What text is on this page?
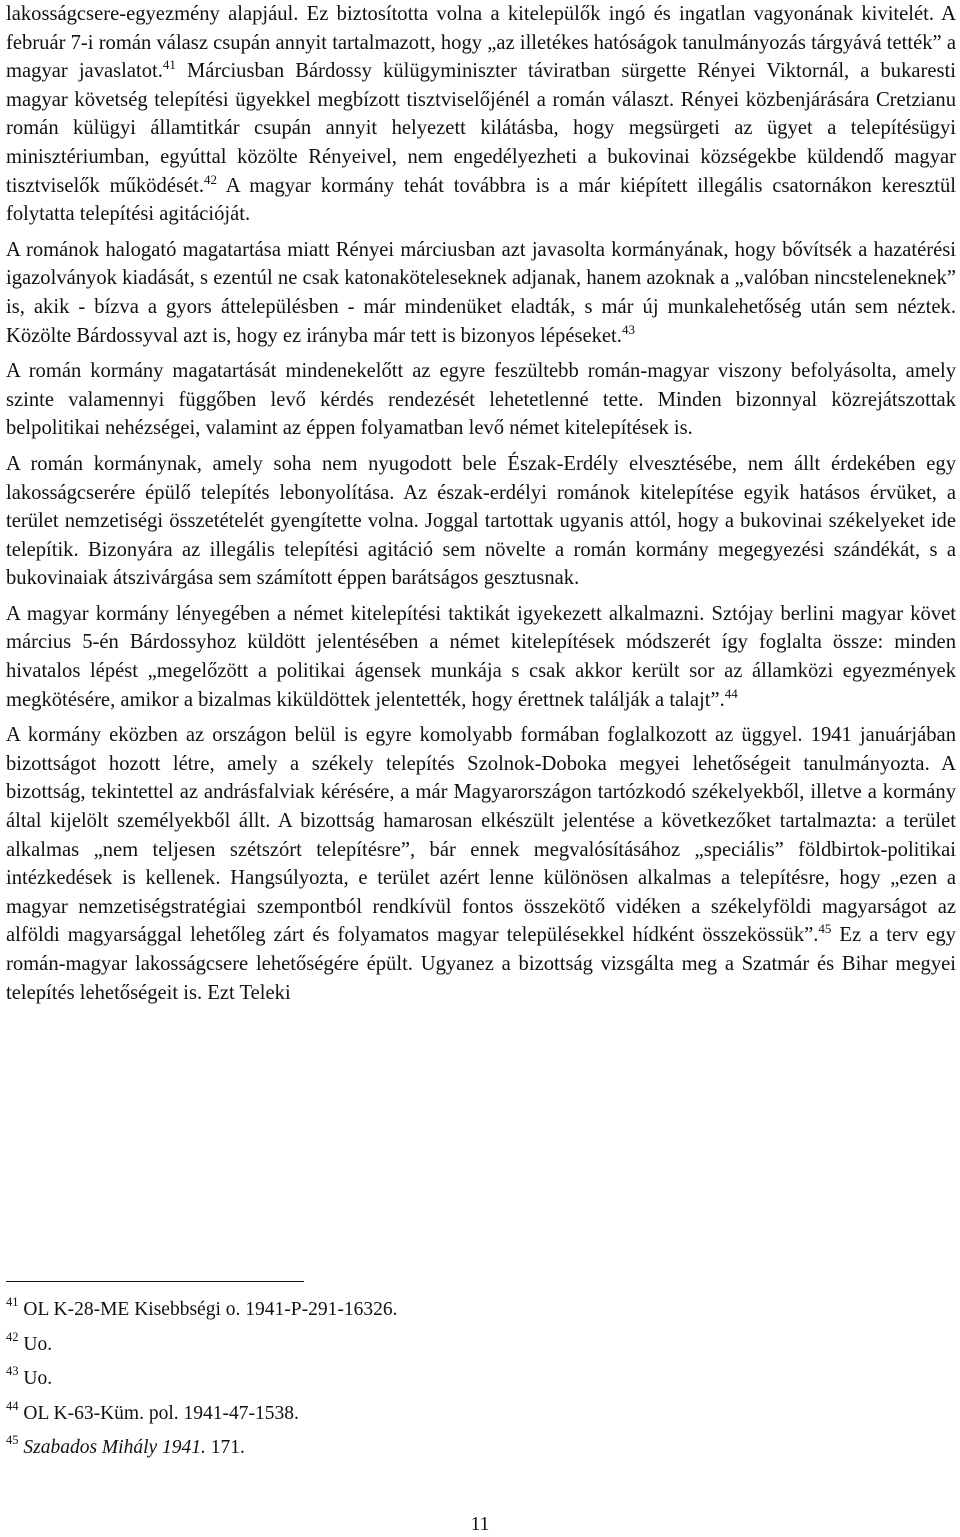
lakosságcsere-egyezmény alapjául. Ez biztosította volna a kitelepülők ingó és ingatlan vagyonának kivitelét. A február 7-i román válasz csupán annyit tartalmazott, hogy „az illetékes hatóságok tanulmányozás tárgyává tették” a magyar javaslatot.$^{41}$ Márciusban Bárdossy külügyminiszter táviratban sürgette Rényei Viktornál, a bukaresti magyar követség telepítési ügyekkel megbízott tisztviselőjénél a román választ. Rényei közbenjárására Cretzianu román külügyi államtitkár csupán annyit helyezett kilátásba, hogy megsürgeti az ügyet a telepítésügyi minisztériumban, egyúttal közölte Rényeivel, nem engedélyezheti a bukovinai községekbe küldendő magyar tisztviselők működését.$^{42}$ A magyar kormány tehát továbbra is a már kiépített illegális csatornákon keresztül folytatta telepítési agitációját.

A románok halogató magatartása miatt Rényei márciusban azt javasolta kormányának, hogy bővítsék a hazatérési igazolványok kiadását, s ezentúl ne csak katonaköteleseknek adjanak, hanem azoknak a „valóban nincsteleneknek” is, akik - bízva a gyors áttelepülésben - már mindenüket eladták, s már új munkalehetőség után sem néztek. Közölte Bárdossyval azt is, hogy ez irányba már tett is bizonyos lépéseket.$^{43}$

A román kormány magatartását mindenekelőtt az egyre feszültebb román-magyar viszony befolyásolta, amely szinte valamennyi függőben levő kérdés rendezését lehetetlenné tette. Minden bizonnyal közrejátszottak belpolitikai nehézségei, valamint az éppen folyamatban levő német kitelepítések is.

A román kormánynak, amely soha nem nyugodott bele Észak-Erdély elvesztésébe, nem állt érdekében egy lakosságcserére épülő telepítés lebonyolítása. Az észak-erdélyi románok kitelepítése egyik hatásos érvüket, a terület nemzetiségi összetételét gyengítette volna. Joggal tartottak ugyanis attól, hogy a bukovinai székelyeket ide telepítik. Bizonyára az illegális telepítési agitáció sem növelte a román kormány megegyezési szándékát, s a bukovinaiak átszivárgása sem számított éppen barátságos gesztusnak.

A magyar kormány lényegében a német kitelepítési taktikát igyekezett alkalmazni. Sztójay berlini magyar követ március 5-én Bárdossyhoz küldött jelentésében a német kitelepítések módszerét így foglalta össze: minden hivatalos lépést „megelőzött a politikai ágensek munkája s csak akkor került sor az államközi egyezmények megkötésére, amikor a bizalmas kiküldöttek jelentették, hogy érettnek találják a talajt”.$^{44}$

A kormány eközben az országon belül is egyre komolyabb formában foglalkozott az üggyel. 1941 januárjában bizottságot hozott létre, amely a székely telepítés Szolnok-Doboka megyei lehetőségeit tanulmányozta. A bizottság, tekintettel az andrásfalviak kérésére, a már Magyarországon tartózkodó székelyekből, illetve a kormány által kijelölt személyekből állt. A bizottság hamarosan elkészült jelentése a következőket tartalmazta: a terület alkalmas „nem teljesen szétszórt telepítésre”, bár ennek megvalósításához „speciális” földbirtok-politikai intézkedések is kellenek. Hangsúlyozta, e terület azért lenne különösen alkalmas a telepítésre, hogy „ezen a magyar nemzetiségstratégiai szempontból rendkívül fontos összekötő vidéken a székelyföldi magyarságot az alföldi magyarsággal lehetőleg zárt és folyamatos magyar településekkel hídként összekössük”.$^{45}$ Ez a terv egy román-magyar lakosságcsere lehetőségére épült. Ugyanez a bizottság vizsgálta meg a Szatmár és Bihar megyei telepítés lehetőségeit is. Ezt Teleki

$^{41}$ OL K-28-ME Kisebbségi o. 1941-P-291-16326.
$^{42}$ Uo.
$^{43}$ Uo.
$^{44}$ OL K-63-Küm. pol. 1941-47-1538.
$^{45}$ Szabados Mihály 1941. 171.
11
